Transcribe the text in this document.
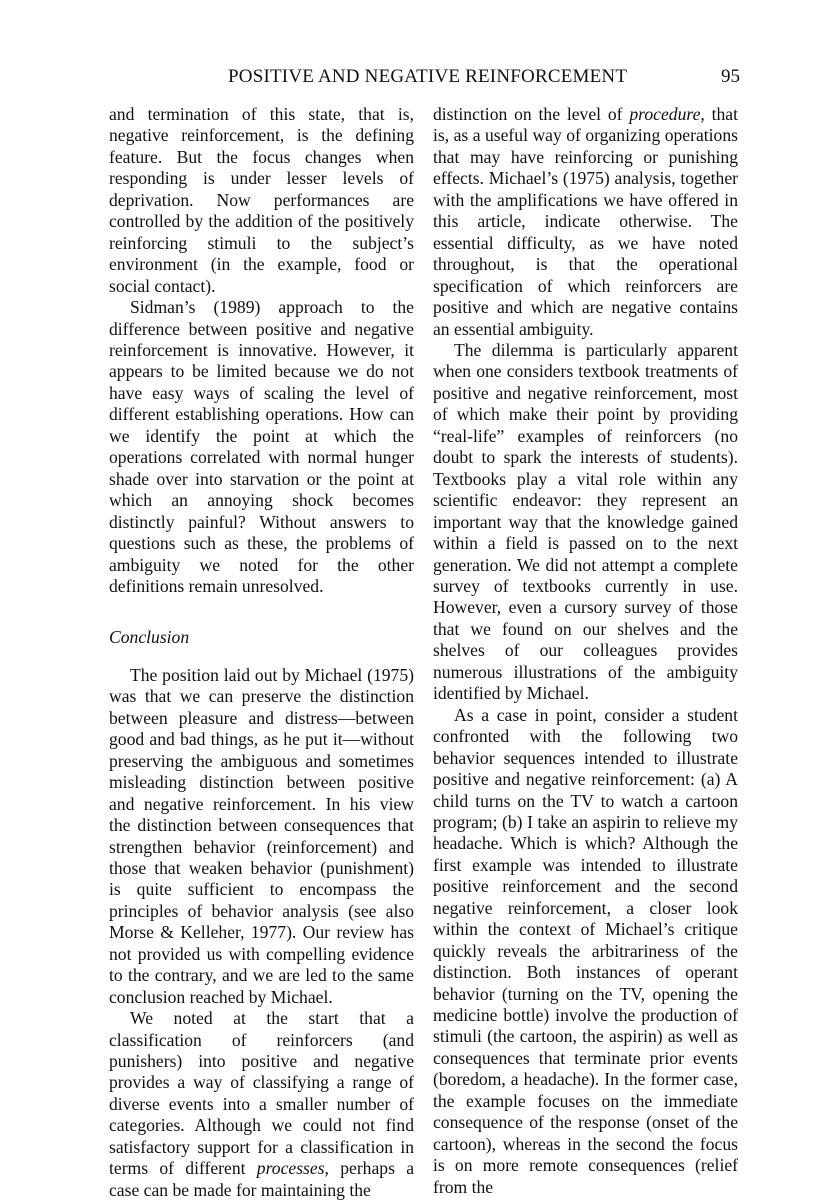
POSITIVE AND NEGATIVE REINFORCEMENT	95

and termination of this state, that is, negative reinforcement, is the defining feature. But the focus changes when responding is under lesser levels of deprivation. Now performances are controlled by the addition of the positively reinforcing stimuli to the subject’s environment (in the example, food or social contact).

Sidman’s (1989) approach to the difference between positive and negative reinforcement is innovative. However, it appears to be limited because we do not have easy ways of scaling the level of different establishing operations. How can we identify the point at which the operations correlated with normal hunger shade over into starvation or the point at which an annoying shock becomes distinctly painful? Without answers to questions such as these, the problems of ambiguity we noted for the other definitions remain unresolved.

Conclusion

The position laid out by Michael (1975) was that we can preserve the distinction between pleasure and distress—between good and bad things, as he put it—without preserving the ambiguous and sometimes misleading distinction between positive and negative reinforcement. In his view the distinction between consequences that strengthen behavior (reinforcement) and those that weaken behavior (punishment) is quite sufficient to encompass the principles of behavior analysis (see also Morse & Kelleher, 1977). Our review has not provided us with compelling evidence to the contrary, and we are led to the same conclusion reached by Michael.

We noted at the start that a classification of reinforcers (and punishers) into positive and negative provides a way of classifying a range of diverse events into a smaller number of categories. Although we could not find satisfactory support for a classification in terms of different processes, perhaps a case can be made for maintaining the

distinction on the level of procedure, that is, as a useful way of organizing operations that may have reinforcing or punishing effects. Michael’s (1975) analysis, together with the amplifications we have offered in this article, indicate otherwise. The essential difficulty, as we have noted throughout, is that the operational specification of which reinforcers are positive and which are negative contains an essential ambiguity.

The dilemma is particularly apparent when one considers textbook treatments of positive and negative reinforcement, most of which make their point by providing “real-life” examples of reinforcers (no doubt to spark the interests of students). Textbooks play a vital role within any scientific endeavor: they represent an important way that the knowledge gained within a field is passed on to the next generation. We did not attempt a complete survey of textbooks currently in use. However, even a cursory survey of those that we found on our shelves and the shelves of our colleagues provides numerous illustrations of the ambiguity identified by Michael.

As a case in point, consider a student confronted with the following two behavior sequences intended to illustrate positive and negative reinforcement: (a) A child turns on the TV to watch a cartoon program; (b) I take an aspirin to relieve my headache. Which is which? Although the first example was intended to illustrate positive reinforcement and the second negative reinforcement, a closer look within the context of Michael’s critique quickly reveals the arbitrariness of the distinction. Both instances of operant behavior (turning on the TV, opening the medicine bottle) involve the production of stimuli (the cartoon, the aspirin) as well as consequences that terminate prior events (boredom, a headache). In the former case, the example focuses on the immediate consequence of the response (onset of the cartoon), whereas in the second the focus is on more remote consequences (relief from the
